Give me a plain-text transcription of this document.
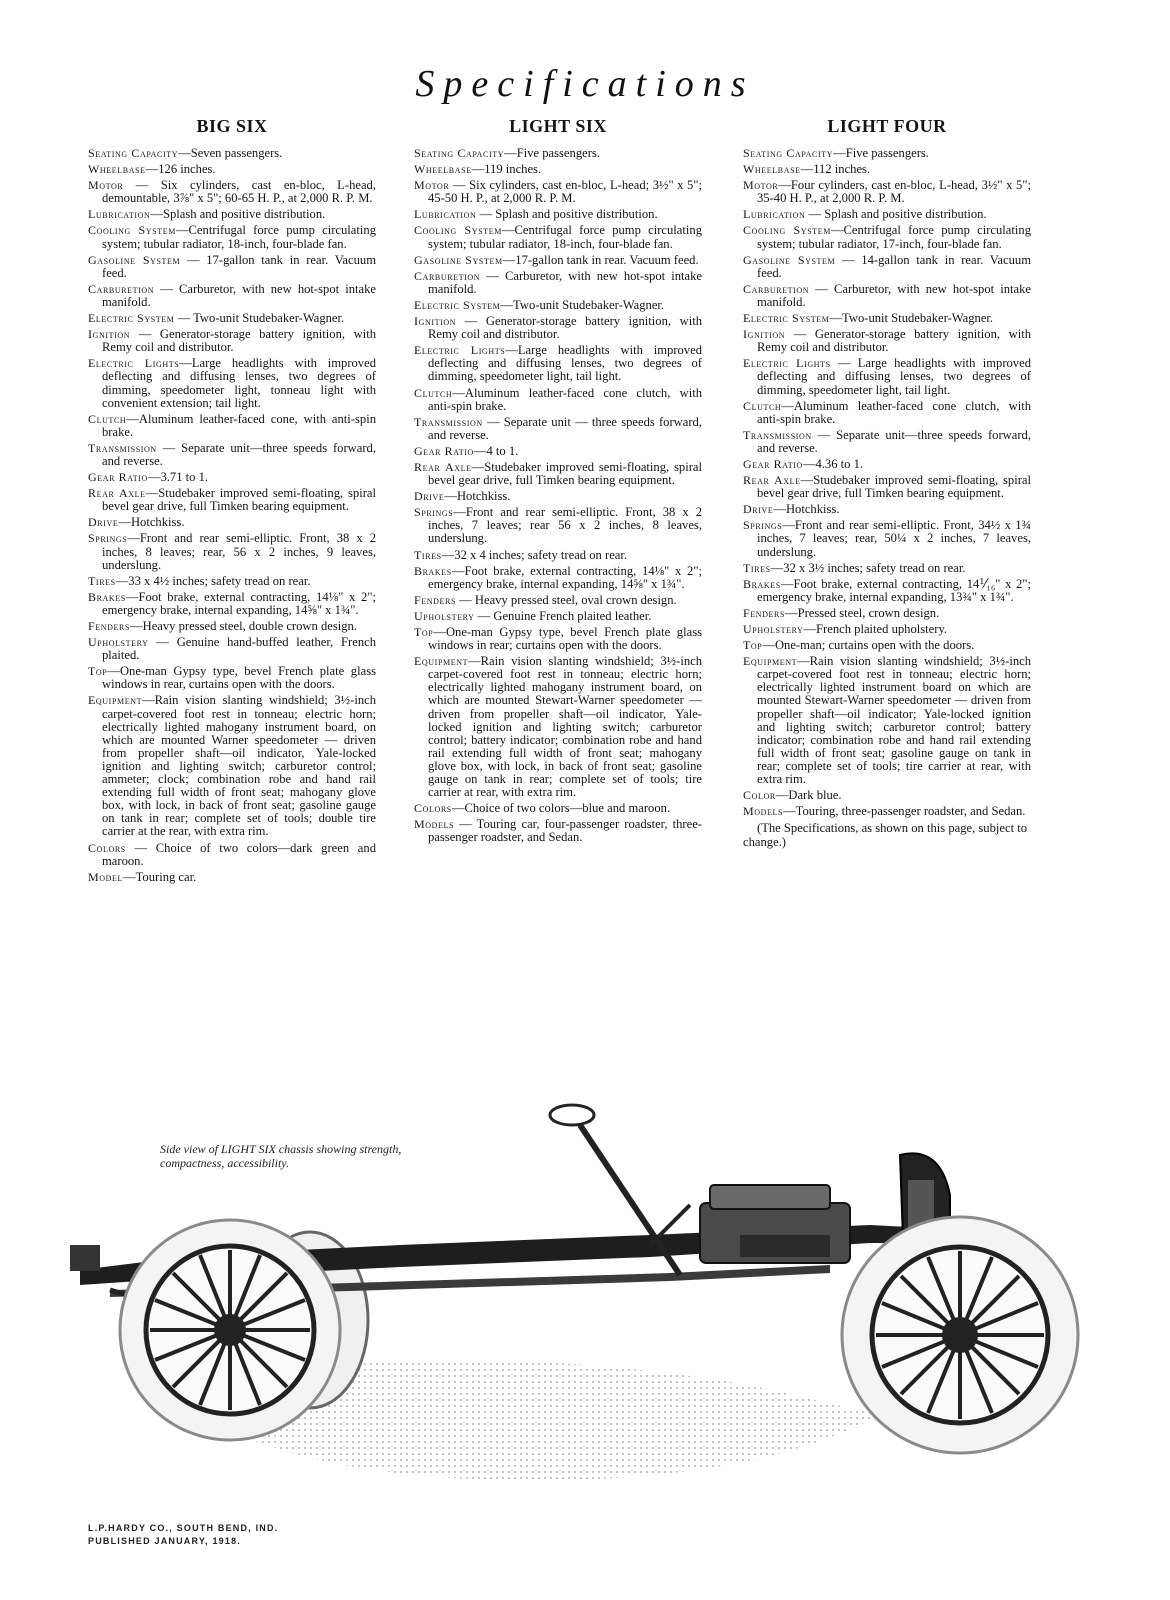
Specifications
BIG SIX

Seating Capacity—Seven passengers.

Wheelbase—126 inches.

Motor — Six cylinders, cast en-bloc, L-head, demountable, 3⅞" x 5"; 60-65 H. P., at 2,000 R. P. M.

Lubrication—Splash and positive distribution.

Cooling System—Centrifugal force pump circulating system; tubular radiator, 18-inch, four-blade fan.

Gasoline System — 17-gallon tank in rear. Vacuum feed.

Carburetion — Carburetor, with new hot-spot intake manifold.

Electric System — Two-unit Studebaker-Wagner.

Ignition — Generator-storage battery ignition, with Remy coil and distributor.

Electric Lights—Large headlights with improved deflecting and diffusing lenses, two degrees of dimming, speedometer light, tonneau light with convenient extension; tail light.

Clutch—Aluminum leather-faced cone, with anti-spin brake.

Transmission — Separate unit—three speeds forward, and reverse.

Gear Ratio—3.71 to 1.

Rear Axle—Studebaker improved semi-floating, spiral bevel gear drive, full Timken bearing equipment.

Drive—Hotchkiss.

Springs—Front and rear semi-elliptic. Front, 38 x 2 inches, 8 leaves; rear, 56 x 2 inches, 9 leaves, underslung.

Tires—33 x 4½ inches; safety tread on rear.

Brakes—Foot brake, external contracting, 14⅛" x 2"; emergency brake, internal expanding, 14⅝" x 1¾".

Fenders—Heavy pressed steel, double crown design.

Upholstery — Genuine hand-buffed leather, French plaited.

Top—One-man Gypsy type, bevel French plate glass windows in rear, curtains open with the doors.

Equipment—Rain vision slanting windshield; 3½-inch carpet-covered foot rest in tonneau; electric horn; electrically lighted mahogany instrument board, on which are mounted Warner speedometer — driven from propeller shaft—oil indicator, Yale-locked ignition and lighting switch; carburetor control; ammeter; clock; combination robe and hand rail extending full width of front seat; mahogany glove box, with lock, in back of front seat; gasoline gauge on tank in rear; complete set of tools; double tire carrier at the rear, with extra rim.

Colors — Choice of two colors—dark green and maroon.

Model—Touring car.

LIGHT SIX

Seating Capacity—Five passengers.

Wheelbase—119 inches.

Motor — Six cylinders, cast en-bloc, L-head; 3½" x 5"; 45-50 H. P., at 2,000 R. P. M.

Lubrication — Splash and positive distribution.

Cooling System—Centrifugal force pump circulating system; tubular radiator, 18-inch, four-blade fan.

Gasoline System—17-gallon tank in rear. Vacuum feed.

Carburetion — Carburetor, with new hot-spot intake manifold.

Electric System—Two-unit Studebaker-Wagner.

Ignition — Generator-storage battery ignition, with Remy coil and distributor.

Electric Lights—Large headlights with improved deflecting and diffusing lenses, two degrees of dimming, speedometer light, tail light.

Clutch—Aluminum leather-faced cone clutch, with anti-spin brake.

Transmission — Separate unit — three speeds forward, and reverse.

Gear Ratio—4 to 1.

Rear Axle—Studebaker improved semi-floating, spiral bevel gear drive, full Timken bearing equipment.

Drive—Hotchkiss.

Springs—Front and rear semi-elliptic. Front, 38 x 2 inches, 7 leaves; rear 56 x 2 inches, 8 leaves, underslung.

Tires—32 x 4 inches; safety tread on rear.

Brakes—Foot brake, external contracting, 14⅛" x 2"; emergency brake, internal expanding, 14⅝" x 1¾".

Fenders — Heavy pressed steel, oval crown design.

Upholstery — Genuine French plaited leather.

Top—One-man Gypsy type, bevel French plate glass windows in rear; curtains open with the doors.

Equipment—Rain vision slanting windshield; 3½-inch carpet-covered foot rest in tonneau; electric horn; electrically lighted mahogany instrument board, on which are mounted Stewart-Warner speedometer — driven from propeller shaft—oil indicator, Yale-locked ignition and lighting switch; carburetor control; battery indicator; combination robe and hand rail extending full width of front seat; mahogany glove box, with lock, in back of front seat; gasoline gauge on tank in rear; complete set of tools; tire carrier at rear, with extra rim.

Colors—Choice of two colors—blue and maroon.

Models — Touring car, four-passenger roadster, three-passenger roadster, and Sedan.

LIGHT FOUR

Seating Capacity—Five passengers.

Wheelbase—112 inches.

Motor—Four cylinders, cast en-bloc, L-head, 3½" x 5"; 35-40 H. P., at 2,000 R. P. M.

Lubrication — Splash and positive distribution.

Cooling System—Centrifugal force pump circulating system; tubular radiator, 17-inch, four-blade fan.

Gasoline System — 14-gallon tank in rear. Vacuum feed.

Carburetion — Carburetor, with new hot-spot intake manifold.

Electric System—Two-unit Studebaker-Wagner.

Ignition — Generator-storage battery ignition, with Remy coil and distributor.

Electric Lights — Large headlights with improved deflecting and diffusing lenses, two degrees of dimming, speedometer light, tail light.

Clutch—Aluminum leather-faced cone clutch, with anti-spin brake.

Transmission — Separate unit—three speeds forward, and reverse.

Gear Ratio—4.36 to 1.

Rear Axle—Studebaker improved semi-floating, spiral bevel gear drive, full Timken bearing equipment.

Drive—Hotchkiss.

Springs—Front and rear semi-elliptic. Front, 34½ x 1¾ inches, 7 leaves; rear, 50¼ x 2 inches, 7 leaves, underslung.

Tires—32 x 3½ inches; safety tread on rear.

Brakes—Foot brake, external contracting, 14⅟₁₆" x 2"; emergency brake, internal expanding, 13¾" x 1¾".

Fenders—Pressed steel, crown design.

Upholstery—French plaited upholstery.

Top—One-man; curtains open with the doors.

Equipment—Rain vision slanting windshield; 3½-inch carpet-covered foot rest in tonneau; electric horn; electrically lighted instrument board on which are mounted Stewart-Warner speedometer — driven from propeller shaft—oil indicator; Yale-locked ignition and lighting switch; carburetor control; battery indicator; combination robe and hand rail extending full width of front seat; gasoline gauge on tank in rear; complete set of tools; tire carrier at rear, with extra rim.

Color—Dark blue.

Models—Touring, three-passenger roadster, and Sedan.

(The Specifications, as shown on this page, subject to change.)
Side view of LIGHT SIX chassis showing strength, compactness, accessibility.
L.P.HARDY CO., SOUTH BEND, IND.
PUBLISHED JANUARY, 1918.
